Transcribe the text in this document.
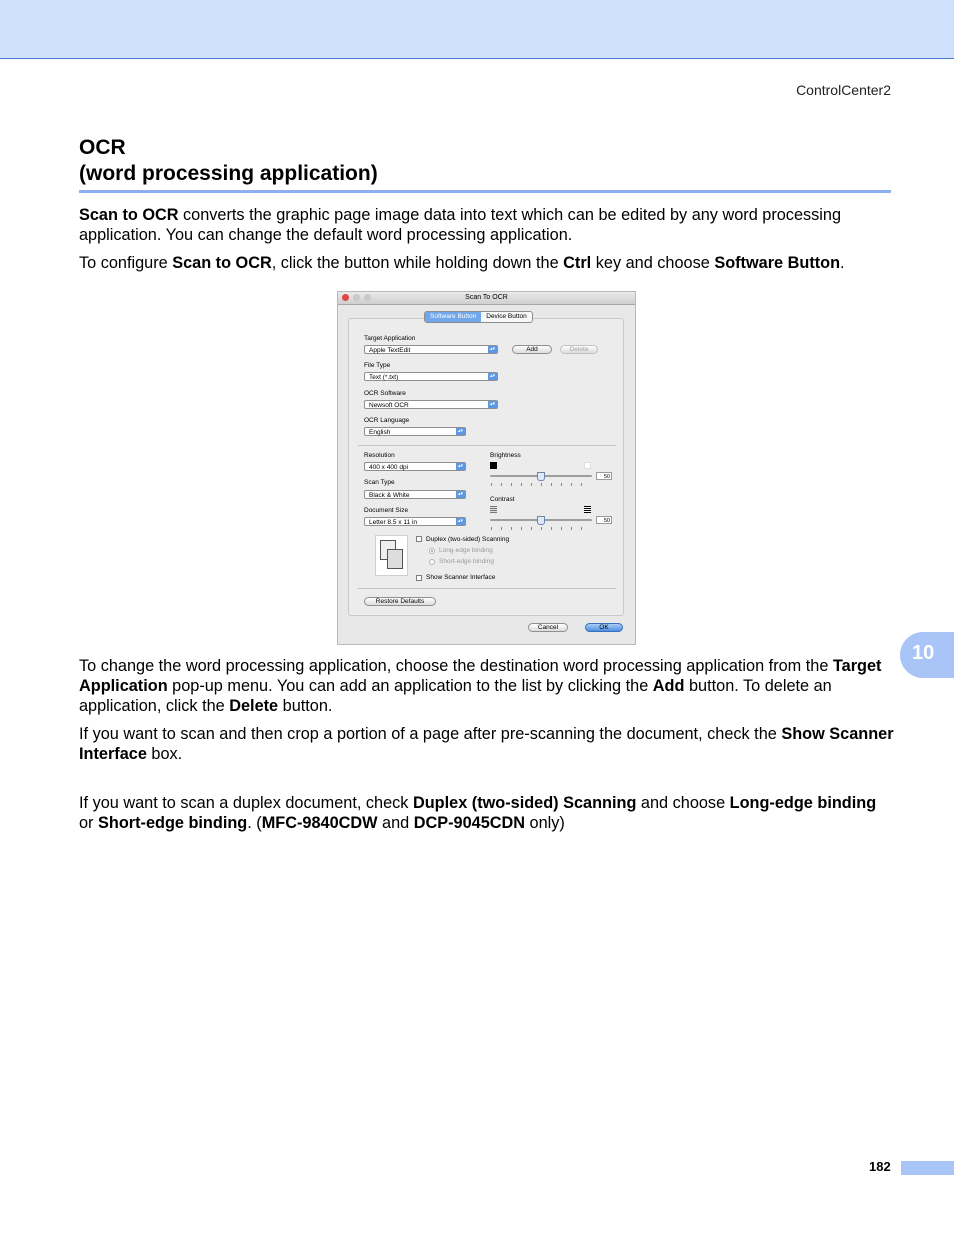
ControlCenter2
OCR
(word processing application)
Scan to OCR converts the graphic page image data into text which can be edited by any word processing application. You can change the default word processing application.
To configure Scan to OCR, click the button while holding down the Ctrl key and choose Software Button.
Scan To OCR
Software Button	Device Button
Target Application
Apple TextEdit	▴▾	Add	Delete
File Type
Text (*.txt)	▴▾
OCR Software
Newsoft OCR	▴▾
OCR Language
English	▴▾
Resolution
400 x 400 dpi	▴▾
Scan Type
Black & White	▴▾
Document Size
Letter 8.5 x 11 in	▴▾
Brightness
50
Contrast
50
Duplex (two-sided) Scanning
Long-edge binding
Short-edge binding
Show Scanner Interface
Restore Defaults
Cancel	OK
To change the word processing application, choose the destination word processing application from the Target Application pop-up menu. You can add an application to the list by clicking the Add button. To delete an application, click the Delete button.
If you want to scan and then crop a portion of a page after pre-scanning the document, check the Show Scanner Interface box.
If you want to scan a duplex document, check Duplex (two-sided) Scanning and choose Long-edge binding or Short-edge binding. (MFC-9840CDW and DCP-9045CDN only)
10
182
